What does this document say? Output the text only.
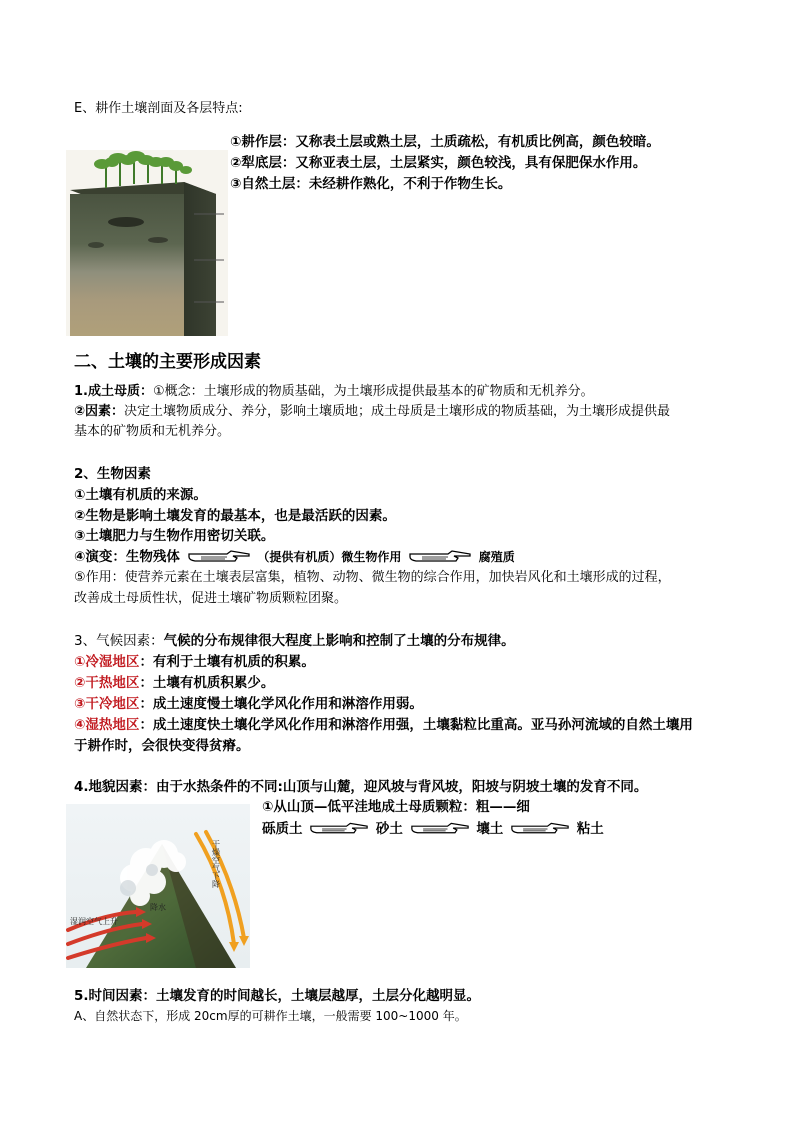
E、耕作土壤剖面及各层特点:
①耕作层：又称表土层或熟土层，土质疏松，有机质比例高，颜色较暗。
②犁底层：又称亚表土层，土层紧实，颜色较浅，具有保肥保水作用。
③自然土层：未经耕作熟化，不利于作物生长。
二、土壤的主要形成因素
1.成土母质：①概念：土壤形成的物质基础，为土壤形成提供最基本的矿物质和无机养分。
②因素：决定土壤物质成分、养分，影响土壤质地；成土母质是土壤形成的物质基础，为土壤形成提供最
基本的矿物质和无机养分。
2、生物因素
①土壤有机质的来源。
②生物是影响土壤发育的最基本，也是最活跃的因素。
③土壤肥力与生物作用密切关联。
④演变：生物残体	（提供有机质）微生物作用	腐殖质
⑤作用：使营养元素在土壤表层富集，植物、动物、微生物的综合作用，加快岩风化和土壤形成的过程，
改善成土母质性状，促进土壤矿物质颗粒团聚。
3、气候因素：气候的分布规律很大程度上影响和控制了土壤的分布规律。
①冷湿地区：有利于土壤有机质的积累。
②干热地区：土壤有机质积累少。
③干冷地区：成土速度慢土壤化学风化作用和淋溶作用弱。
④湿热地区：成土速度快土壤化学风化作用和淋溶作用强，土壤黏粒比重高。亚马孙河流域的自然土壤用
于耕作时，会很快变得贫瘠。
4.地貌因素：由于水热条件的不同:山顶与山麓，迎风坡与背风坡，阳坡与阴坡土壤的发育不同。
湿润空气上升
降水
干燥空气下降
①从山顶—低平洼地成土母质颗粒：粗——细
砾质土	砂土	壤土	粘土
5.时间因素：土壤发育的时间越长，土壤层越厚，土层分化越明显。
A、自然状态下，形成 20cm厚的可耕作土壤，一般需要 100~1000 年。
